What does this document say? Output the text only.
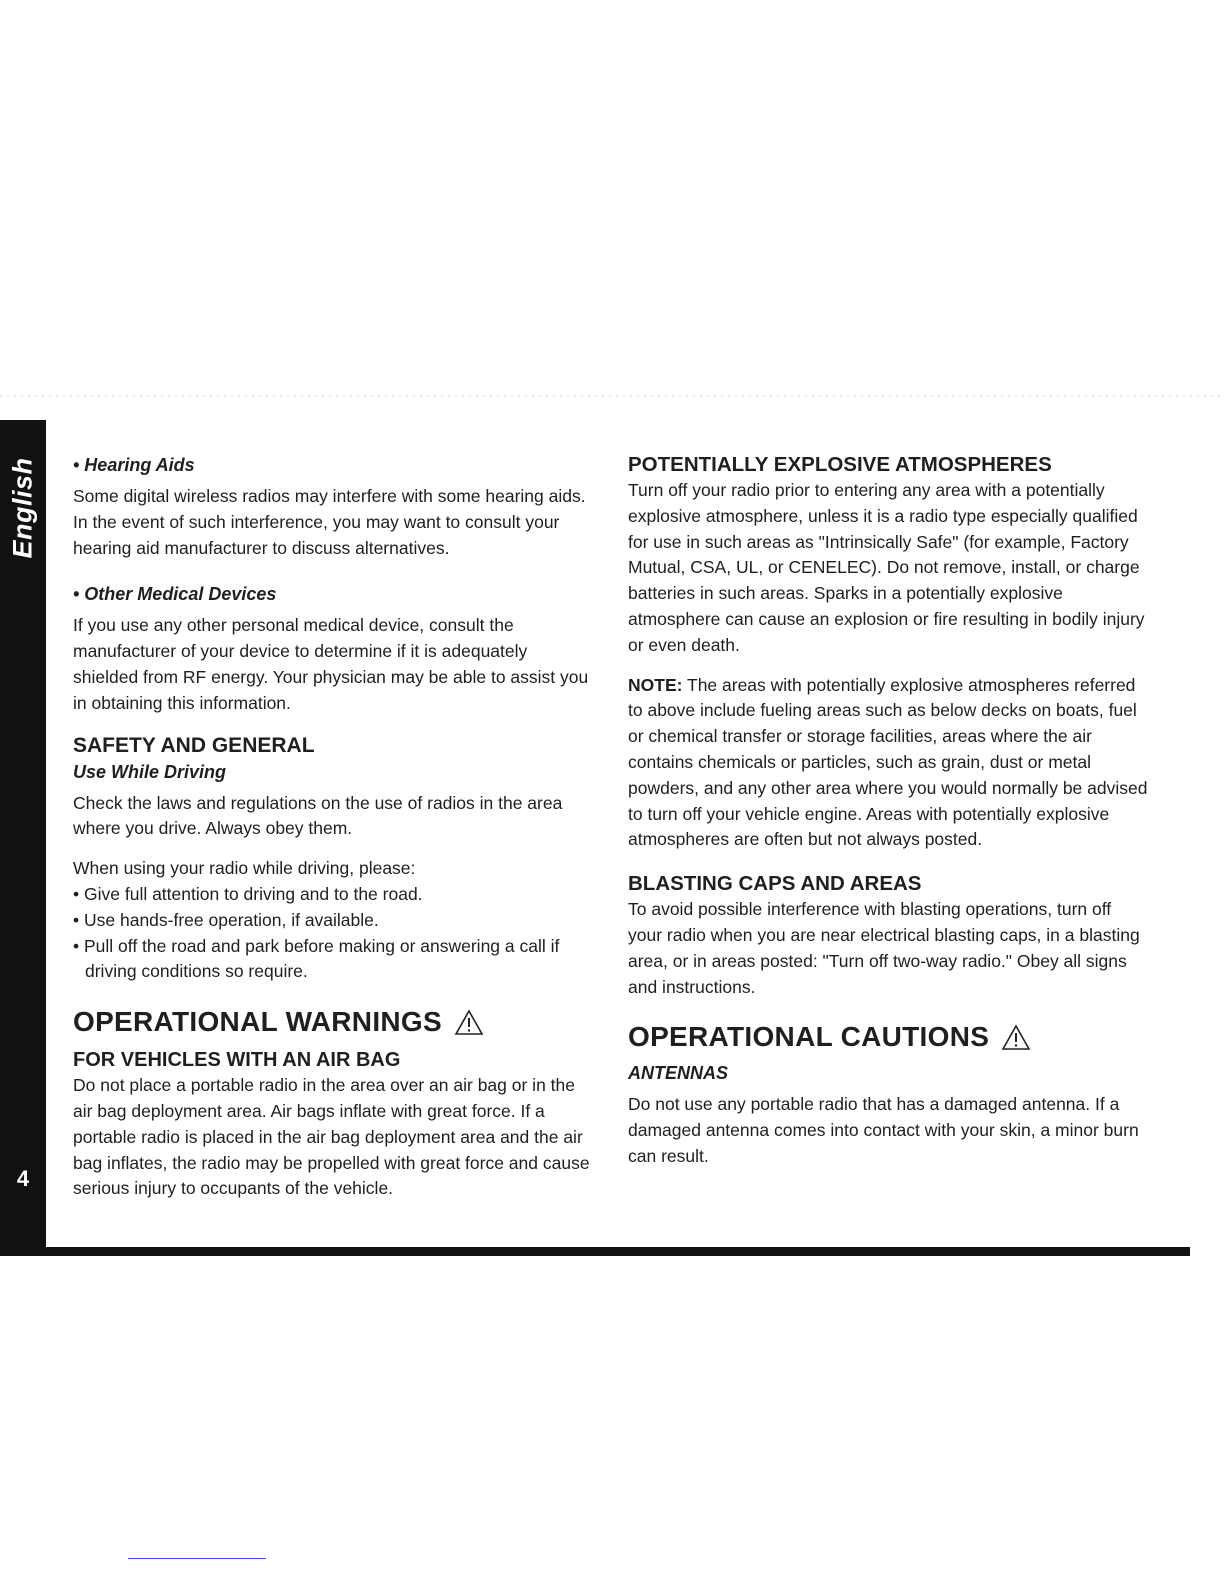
English
4
• Hearing Aids

Some digital wireless radios may interfere with some hearing aids. In the event of such interference, you may want to consult your hearing aid manufacturer to discuss alternatives.

• Other Medical Devices

If you use any other personal medical device, consult the manufacturer of your device to determine if it is adequately shielded from RF energy. Your physician may be able to assist you in obtaining this information.

SAFETY AND GENERAL
Use While Driving

Check the laws and regulations on the use of radios in the area where you drive. Always obey them.

When using your radio while driving, please:

• Give full attention to driving and to the road.
• Use hands-free operation, if available.
• Pull off the road and park before making or answering a call if driving conditions so require.
OPERATIONAL WARNINGS
FOR VEHICLES WITH AN AIR BAG

Do not place a portable radio in the area over an air bag or in the air bag deployment area. Air bags inflate with great force. If a portable radio is placed in the air bag deployment area and the air bag inflates, the radio may be propelled with great force and cause serious injury to occupants of the vehicle.

POTENTIALLY EXPLOSIVE ATMOSPHERES

Turn off your radio prior to entering any area with a potentially explosive atmosphere, unless it is a radio type especially qualified for use in such areas as "Intrinsically Safe" (for example, Factory Mutual, CSA, UL, or CENELEC). Do not remove, install, or charge batteries in such areas. Sparks in a potentially explosive atmosphere can cause an explosion or fire resulting in bodily injury or even death.

NOTE: The areas with potentially explosive atmospheres referred to above include fueling areas such as below decks on boats, fuel or chemical transfer or storage facilities, areas where the air contains chemicals or particles, such as grain, dust or metal powders, and any other area where you would normally be advised to turn off your vehicle engine. Areas with potentially explosive atmospheres are often but not always posted.

BLASTING CAPS AND AREAS

To avoid possible interference with blasting operations, turn off your radio when you are near electrical blasting caps, in a blasting area, or in areas posted: "Turn off two-way radio." Obey all signs and instructions.

OPERATIONAL CAUTIONS
ANTENNAS

Do not use any portable radio that has a damaged antenna. If a damaged antenna comes into contact with your skin, a minor burn can result.
